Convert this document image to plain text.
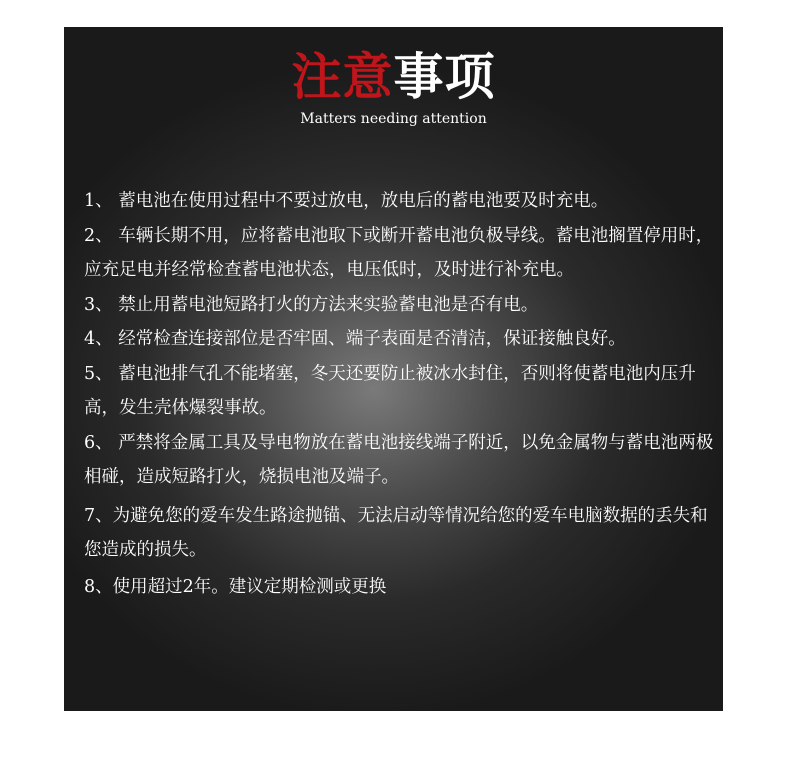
注意事项
Matters needing attention
1、 蓄电池在使用过程中不要过放电，放电后的蓄电池要及时充电。
2、 车辆长期不用，应将蓄电池取下或断开蓄电池负极导线。蓄电池搁置停用时，应充足电并经常检查蓄电池状态，电压低时，及时进行补充电。
3、 禁止用蓄电池短路打火的方法来实验蓄电池是否有电。
4、 经常检查连接部位是否牢固、端子表面是否清洁，保证接触良好。
5、 蓄电池排气孔不能堵塞，冬天还要防止被冰水封住，否则将使蓄电池内压升高，发生壳体爆裂事故。
6、 严禁将金属工具及导电物放在蓄电池接线端子附近，以免金属物与蓄电池两极相碰，造成短路打火，烧损电池及端子。
7、为避免您的爱车发生路途抛锚、无法启动等情况给您的爱车电脑数据的丢失和您造成的损失。
8、使用超过2年。建议定期检测或更换
